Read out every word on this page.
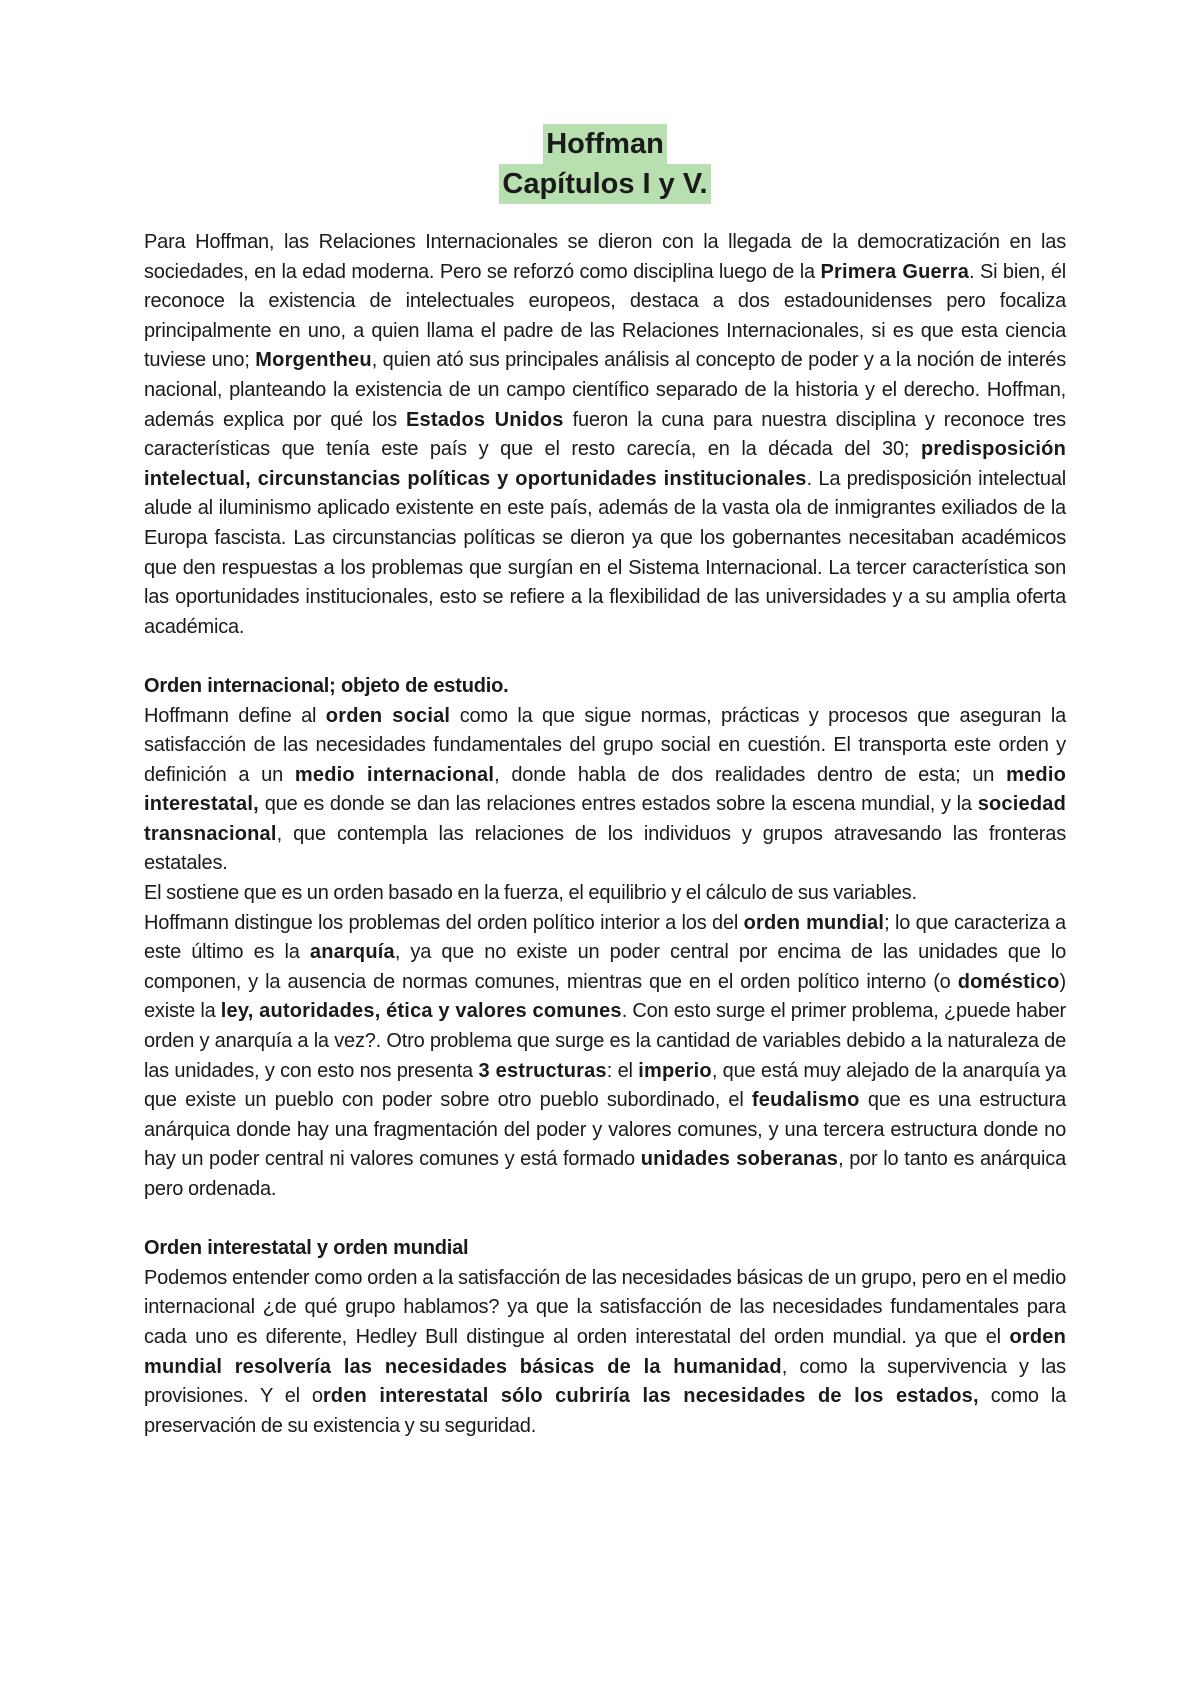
Hoffman
Capítulos I y V.

Para Hoffman, las Relaciones Internacionales se dieron con la llegada de la democratización en las sociedades, en la edad moderna. Pero se reforzó como disciplina luego de la Primera Guerra. Si bien, él reconoce la existencia de intelectuales europeos, destaca a dos estadounidenses pero focaliza principalmente en uno, a quien llama el padre de las Relaciones Internacionales, si es que esta ciencia tuviese uno; Morgentheu, quien ató sus principales análisis al concepto de poder y a la noción de interés nacional, planteando la existencia de un campo científico separado de la historia y el derecho. Hoffman, además explica por qué los Estados Unidos fueron la cuna para nuestra disciplina y reconoce tres características que tenía este país y que el resto carecía, en la década del 30; predisposición intelectual, circunstancias políticas y oportunidades institucionales. La predisposición intelectual alude al iluminismo aplicado existente en este país, además de la vasta ola de inmigrantes exiliados de la Europa fascista. Las circunstancias políticas se dieron ya que los gobernantes necesitaban académicos que den respuestas a los problemas que surgían en el Sistema Internacional. La tercer característica son las oportunidades institucionales, esto se refiere a la flexibilidad de las universidades y a su amplia oferta académica.

Orden internacional; objeto de estudio.

Hoffmann define al orden social como la que sigue normas, prácticas y procesos que aseguran la satisfacción de las necesidades fundamentales del grupo social en cuestión. El transporta este orden y definición a un medio internacional, donde habla de dos realidades dentro de esta; un medio interestatal, que es donde se dan las relaciones entres estados sobre la escena mundial, y la sociedad transnacional, que contempla las relaciones de los individuos y grupos atravesando las fronteras estatales.

El sostiene que es un orden basado en la fuerza, el equilibrio y el cálculo de sus variables.

Hoffmann distingue los problemas del orden político interior a los del orden mundial; lo que caracteriza a este último es la anarquía, ya que no existe un poder central por encima de las unidades que lo componen, y la ausencia de normas comunes, mientras que en el orden político interno (o doméstico) existe la ley, autoridades, ética y valores comunes. Con esto surge el primer problema, ¿puede haber orden y anarquía a la vez?. Otro problema que surge es la cantidad de variables debido a la naturaleza de las unidades, y con esto nos presenta 3 estructuras: el imperio, que está muy alejado de la anarquía ya que existe un pueblo con poder sobre otro pueblo subordinado, el feudalismo que es una estructura anárquica donde hay una fragmentación del poder y valores comunes, y una tercera estructura donde no hay un poder central ni valores comunes y está formado unidades soberanas, por lo tanto es anárquica pero ordenada.

Orden interestatal y orden mundial

Podemos entender como orden a la satisfacción de las necesidades básicas de un grupo, pero en el medio internacional ¿de qué grupo hablamos? ya que la satisfacción de las necesidades fundamentales para cada uno es diferente, Hedley Bull distingue al orden interestatal del orden mundial. ya que el orden mundial resolvería las necesidades básicas de la humanidad, como la supervivencia y las provisiones. Y el orden interestatal sólo cubriría las necesidades de los estados, como la preservación de su existencia y su seguridad.
